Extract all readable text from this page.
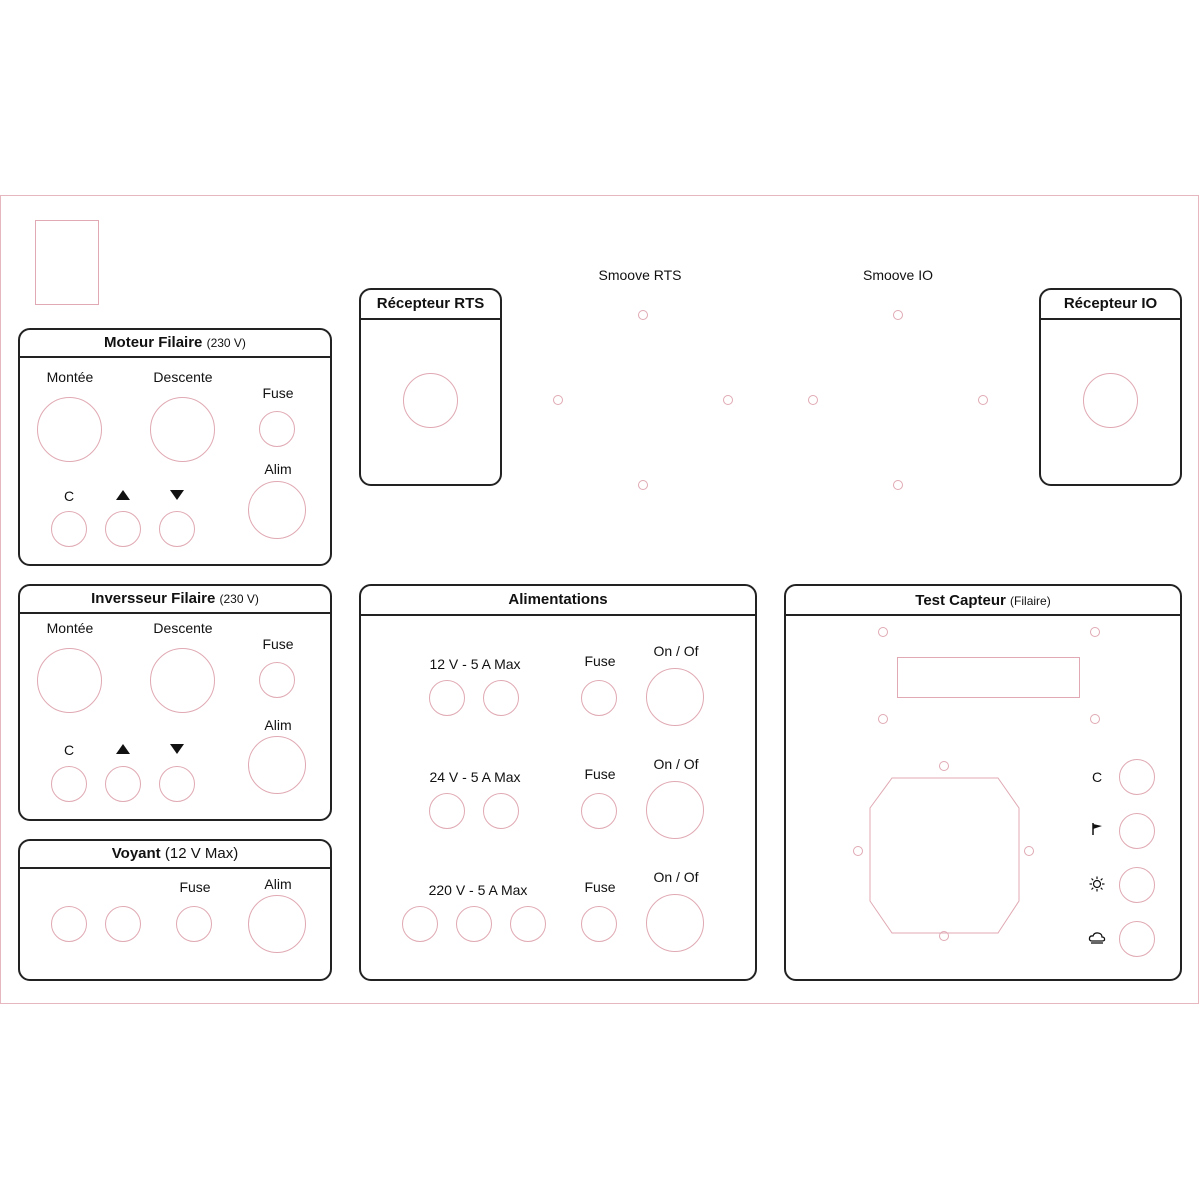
Moteur Filaire (230 V)
Montée	Descente
Fuse
Alim
C
Inversseur Filaire (230 V)
Montée	Descente
Fuse
Alim
C
Voyant (12 V Max)
Fuse	Alim
Récepteur RTS	Récepteur IO
Smoove RTS	Smoove IO
Alimentations
12 V - 5 A Max	Fuse
On / Of
24 V - 5 A Max	Fuse
On / Of
220 V - 5 A Max	Fuse
On / Of
Test Capteur (Filaire)
C
